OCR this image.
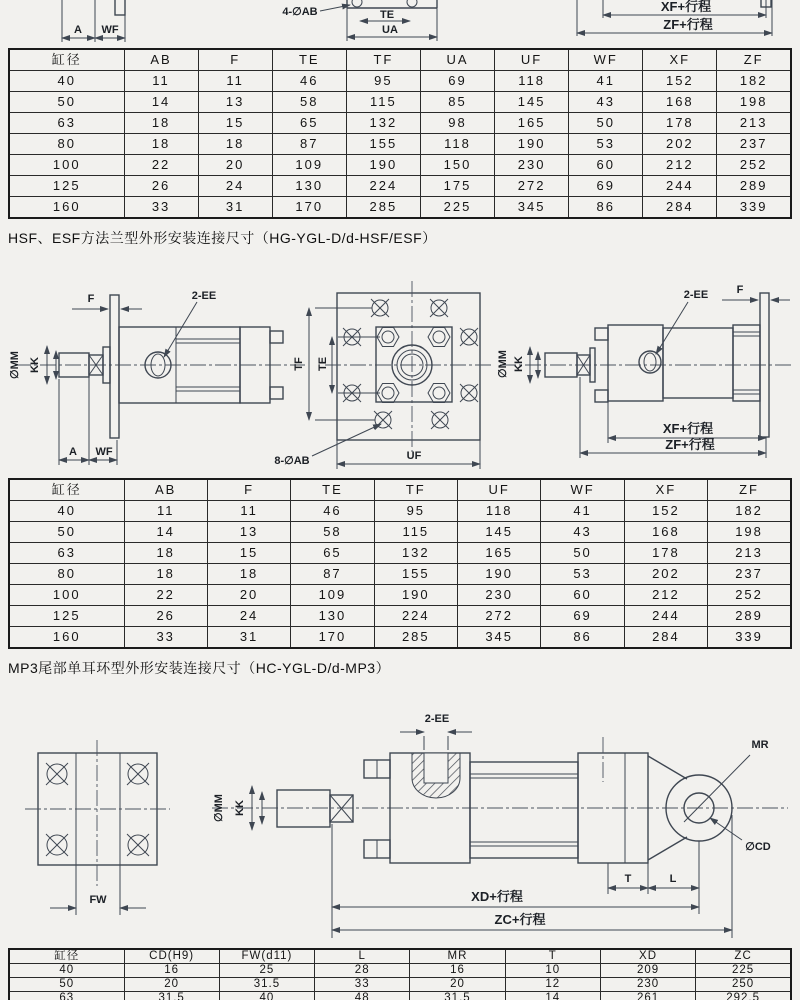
A WF
4-∅AB	TE
UA
XF+行程
ZF+行程
缸径	AB	F	TE	TF	UA	UF	WF	XF	ZF
40	11	11	46	95	69	118	41	152	182
50	14	13	58	115	85	145	43	168	198
63	18	15	65	132	98	165	50	178	213
80	18	18	87	155	118	190	53	202	237
100	22	20	109	190	150	230	60	212	252
125	26	24	130	224	175	272	69	244	289
160	33	31	170	285	225	345	86	284	339
HSF、ESF方法兰型外形安装连接尺寸（HG-YGL-D/d-HSF/ESF）
∅MM KK
2-EE
F
A WF
TF TE
UF
8-∅AB
∅MM KK
2-EE	F
XF+行程
ZF+行程
缸径	AB	F	TE	TF	UF	WF	XF	ZF
40	11	11	46	95	118	41	152	182
50	14	13	58	115	145	43	168	198
63	18	15	65	132	165	50	178	213
80	18	18	87	155	190	53	202	237
100	22	20	109	190	230	60	212	252
125	26	24	130	224	272	69	244	289
160	33	31	170	285	345	86	284	339
MP3尾部单耳环型外形安装连接尺寸（HC-YGL-D/d-MP3）
FW
∅MM KK
2-EE
MR
∅CD
T	L
XD+行程
ZC+行程
缸径	CD(H9)	FW(d11)	L	MR	T	XD	ZC
40	16	25	28	16	10	209	225
50	20	31.5	33	20	12	230	250
63	31.5	40	48	31.5	14	261	292.5
